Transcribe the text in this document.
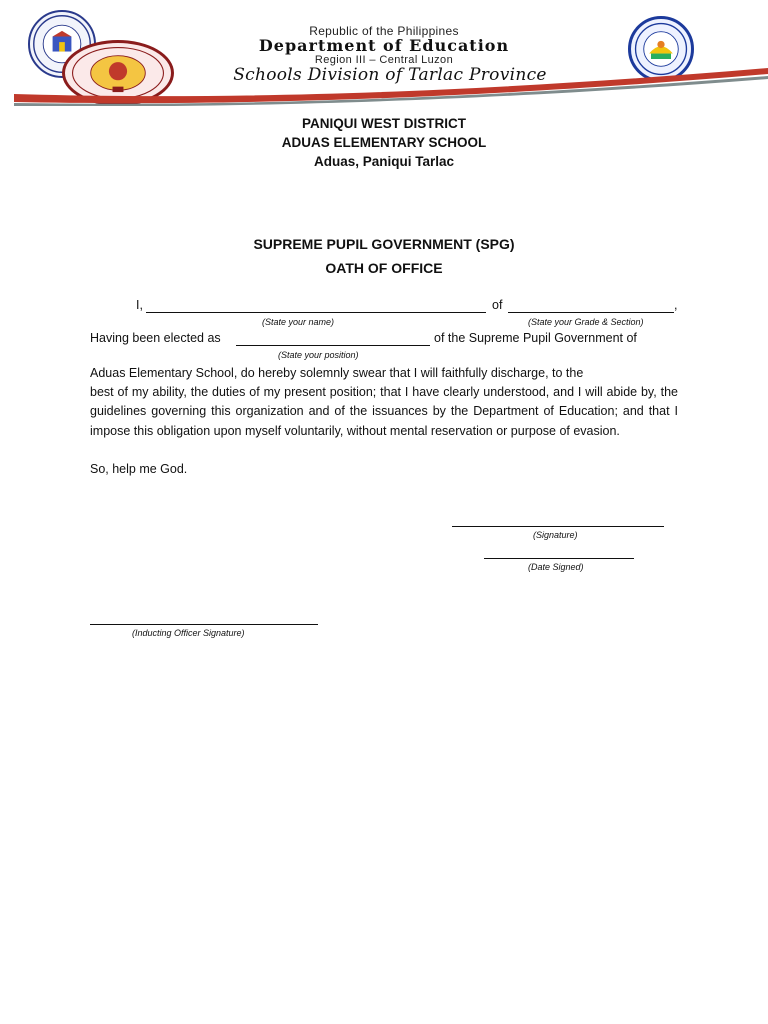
Republic of the Philippines
Department of Education
Region III – Central Luzon
Schools Division of Tarlac Province
PANIQUI WEST DISTRICT
ADUAS ELEMENTARY SCHOOL
Aduas, Paniqui Tarlac
SUPREME PUPIL GOVERNMENT (SPG)
OATH OF OFFICE
I,	of	,
(State your name)	(State your Grade & Section)
Having been elected as	of the Supreme Pupil Government of
(State your position)
Aduas Elementary School, do hereby solemnly swear that I will faithfully discharge, to the
best of my ability, the duties of my present position; that I have clearly understood, and I will abide by, the guidelines governing this organization and of the issuances by the Department of Education; and that I impose this obligation upon myself voluntarily, without mental reservation or purpose of evasion.
So, help me God.
(Signature)
(Date Signed)
(Inducting Officer Signature)
